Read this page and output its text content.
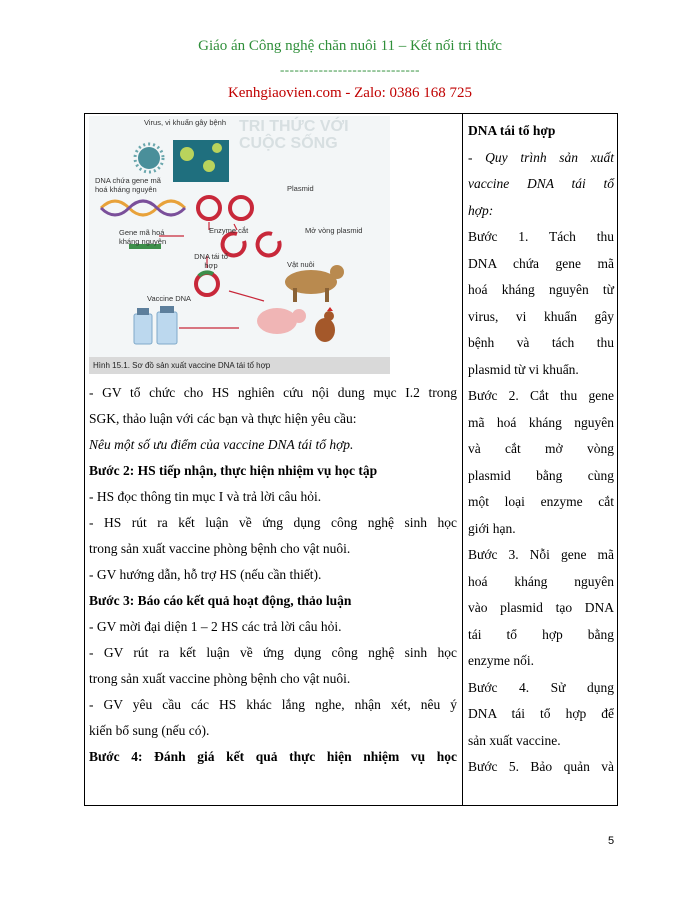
Giáo án Công nghệ chăn nuôi 11 – Kết nối tri thức
-----------------------------
Kenhgiaovien.com - Zalo: 0386 168 725
Virus, vi khuẩn gây bệnh
DNA chứa gene mã hoá kháng nguyên	Plasmid
Gene mã hoá kháng nguyên
Enzyme cắt	Mở vòng plasmid
DNA tái tổ hợp	Vật nuôi
Vaccine DNA
TRI THỨC VỚI CUỘC SỐNG
Hình 15.1. Sơ đồ sản xuất vaccine DNA tái tổ hợp
- GV tổ chức cho HS nghiên cứu nội dung mục I.2 trong
SGK, thảo luận với các bạn và thực hiện yêu cầu:
Nêu một số ưu điểm của vaccine DNA tái tổ hợp.
Bước 2: HS tiếp nhận, thực hiện nhiệm vụ học tập
- HS đọc thông tin mục I và trả lời câu hỏi.
- HS rút ra kết luận về ứng dụng công nghệ sinh học
trong sản xuất vaccine phòng bệnh cho vật nuôi.
- GV hướng dẫn, hỗ trợ HS (nếu cần thiết).
Bước 3: Báo cáo kết quả hoạt động, thảo luận
- GV mời đại diện 1 – 2 HS các trả lời câu hỏi.
- GV rút ra kết luận về ứng dụng công nghệ sinh học
trong sản xuất vaccine phòng bệnh cho vật nuôi.
- GV yêu cầu các HS khác lắng nghe, nhận xét, nêu ý
kiến bổ sung (nếu có).
Bước 4: Đánh giá kết quả thực hiện nhiệm vụ học
DNA tái tổ hợp
- Quy trình sản xuất
vaccine DNA tái tổ
hợp:
Bước 1. Tách thu
DNA chứa gene mã
hoá kháng nguyên từ
virus, vi khuẩn gây
bệnh và tách thu
plasmid từ vi khuẩn.
Bước 2. Cắt thu gene
mã hoá kháng nguyên
và cắt mở vòng
plasmid bằng cùng
một loại enzyme cắt
giới hạn.
Bước 3. Nỗi gene mã
hoá kháng nguyên
vào plasmid tạo DNA
tái tổ hợp bằng
enzyme nối.
Bước 4. Sử dụng
DNA tái tổ hợp để
sản xuất vaccine.
Bước 5. Bảo quản và
5
